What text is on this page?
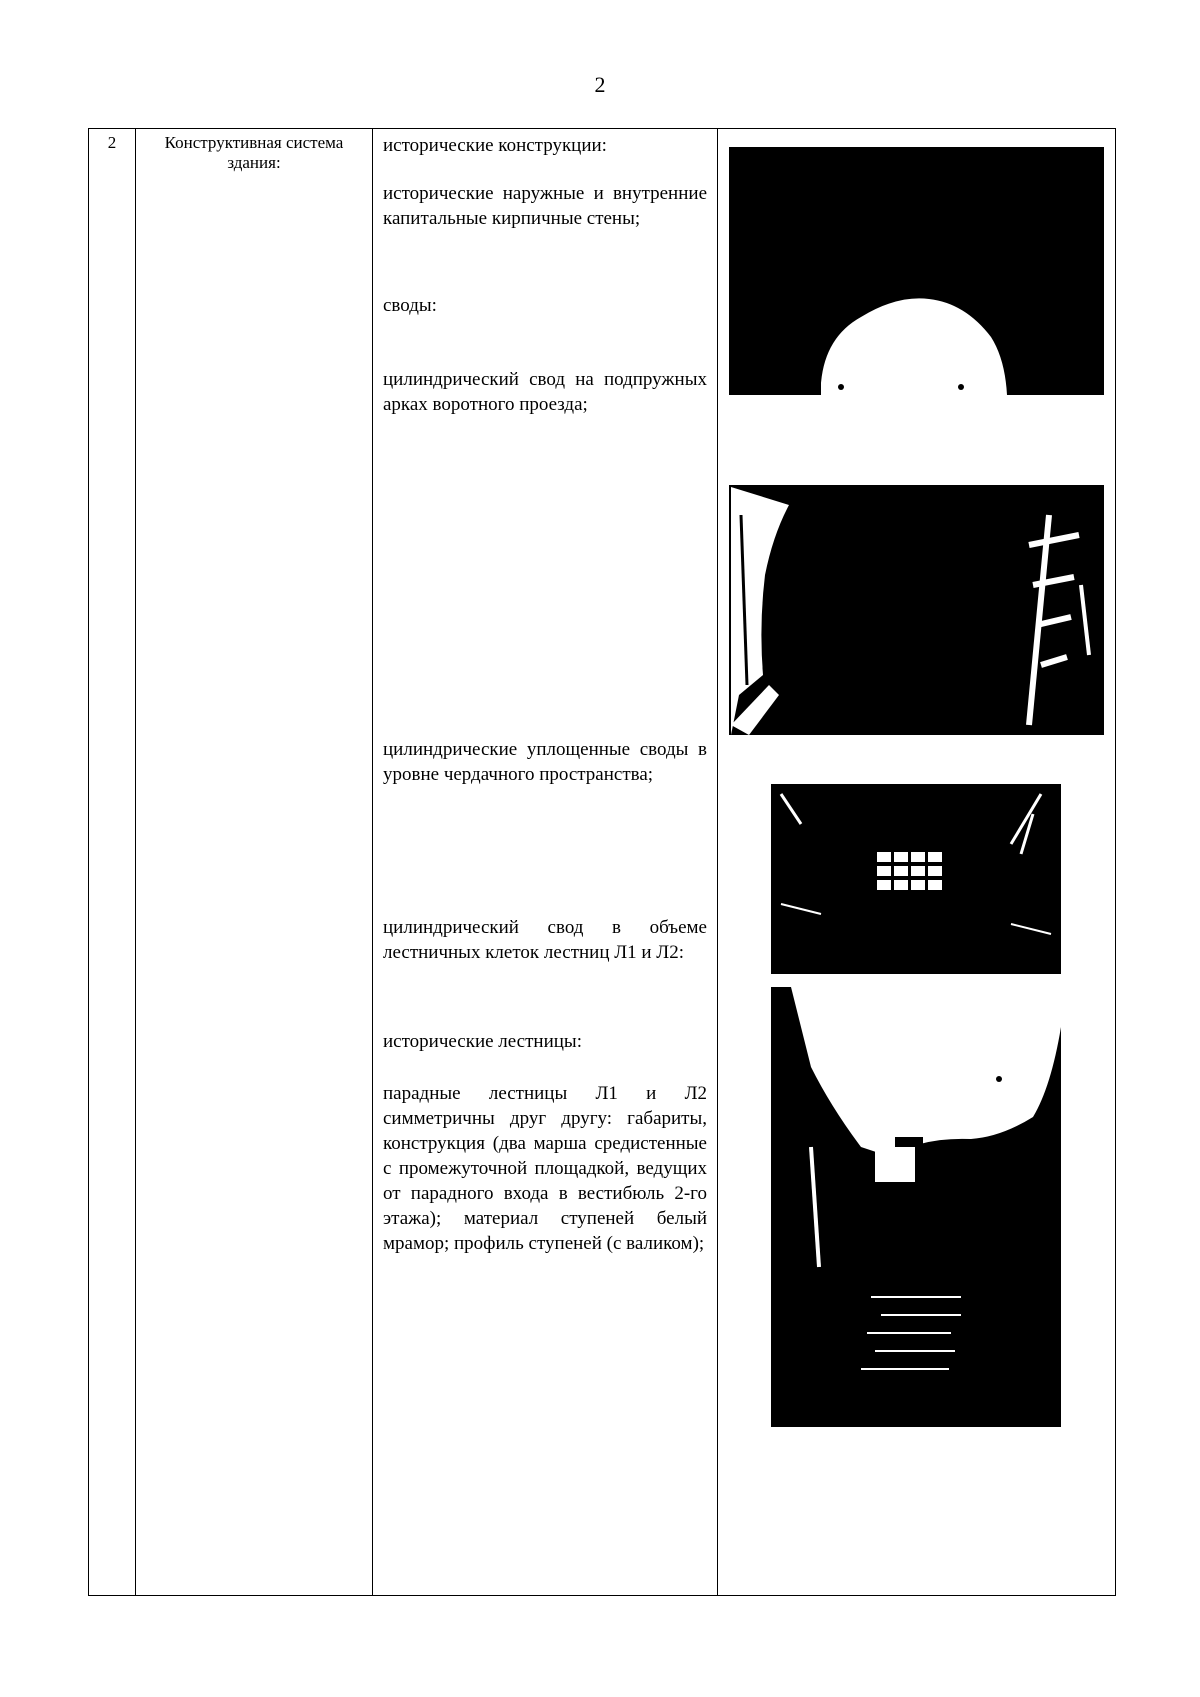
2
2	Конструктивная система здания:
исторические конструкции:
исторические наружные и внутренние капитальные кирпичные стены;
своды:
цилиндрический свод на подпружных арках воротного проезда;
цилиндрические уплощенные своды в уровне чердачного пространства;
цилиндрический свод в объеме лестничных клеток лестниц Л1 и Л2:
исторические лестницы:
парадные лестницы Л1 и Л2 симметричны друг другу: габариты, конструкция (два марша средистенные с промежуточной площадкой, ведущих от парадного входа в вестибюль 2-го этажа); материал ступеней белый мрамор; профиль ступеней (с валиком);
